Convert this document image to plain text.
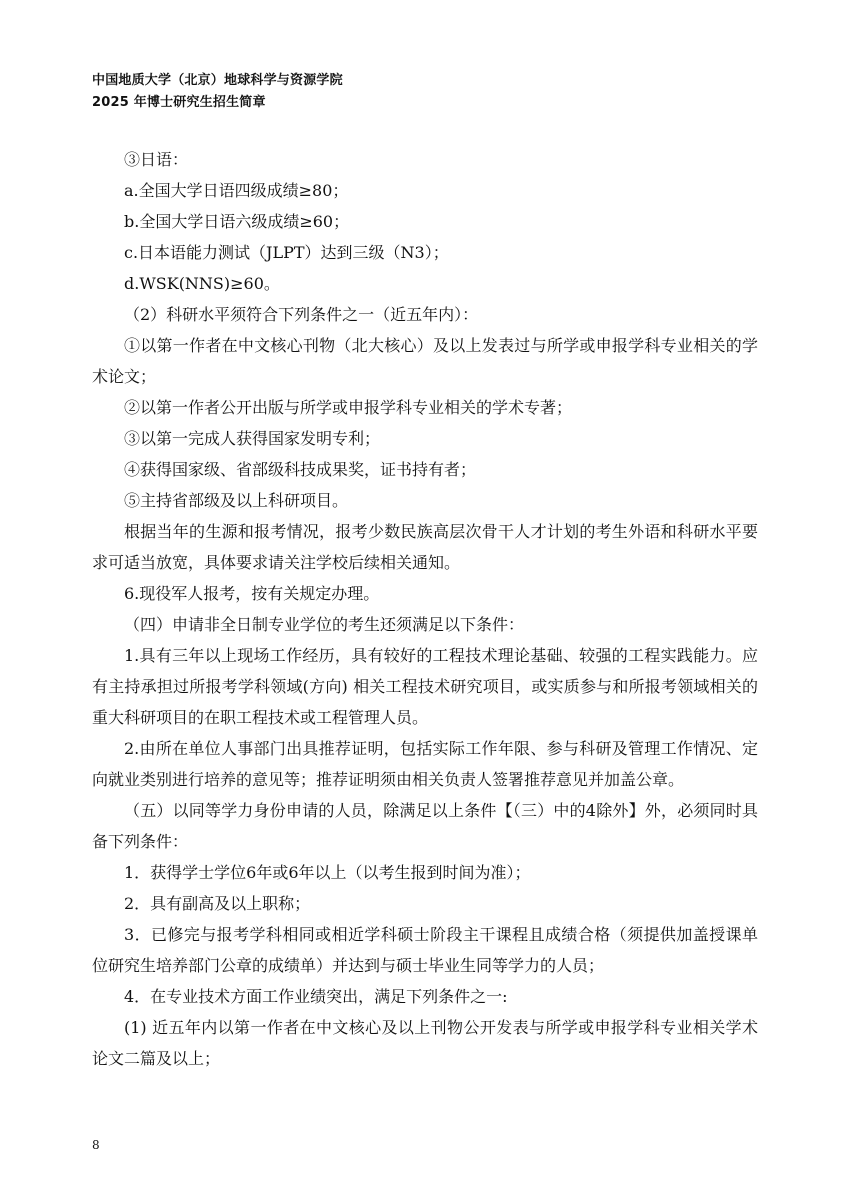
中国地质大学（北京）地球科学与资源学院
2025 年博士研究生招生简章

③日语：

a.全国大学日语四级成绩≥80；

b.全国大学日语六级成绩≥60；

c.日本语能力测试（JLPT）达到三级（N3）；

d.WSK(NNS)≥60。

（2）科研水平须符合下列条件之一（近五年内）：

①以第一作者在中文核心刊物（北大核心）及以上发表过与所学或申报学科专业相关的学术论文；

②以第一作者公开出版与所学或申报学科专业相关的学术专著；

③以第一完成人获得国家发明专利；

④获得国家级、省部级科技成果奖，证书持有者；

⑤主持省部级及以上科研项目。

根据当年的生源和报考情况，报考少数民族高层次骨干人才计划的考生外语和科研水平要求可适当放宽，具体要求请关注学校后续相关通知。

6.现役军人报考，按有关规定办理。

（四）申请非全日制专业学位的考生还须满足以下条件：

1.具有三年以上现场工作经历，具有较好的工程技术理论基础、较强的工程实践能力。应有主持承担过所报考学科领域(方向) 相关工程技术研究项目，或实质参与和所报考领域相关的重大科研项目的在职工程技术或工程管理人员。

2.由所在单位人事部门出具推荐证明，包括实际工作年限、参与科研及管理工作情况、定向就业类别进行培养的意见等；推荐证明须由相关负责人签署推荐意见并加盖公章。

（五）以同等学力身份申请的人员，除满足以上条件【（三）中的4除外】外，必须同时具备下列条件：

1．获得学士学位6年或6年以上（以考生报到时间为准）；

2．具有副高及以上职称；

3．已修完与报考学科相同或相近学科硕士阶段主干课程且成绩合格（须提供加盖授课单位研究生培养部门公章的成绩单）并达到与硕士毕业生同等学力的人员；

4．在专业技术方面工作业绩突出，满足下列条件之一:

(1) 近五年内以第一作者在中文核心及以上刊物公开发表与所学或申报学科专业相关学术论文二篇及以上；

8
